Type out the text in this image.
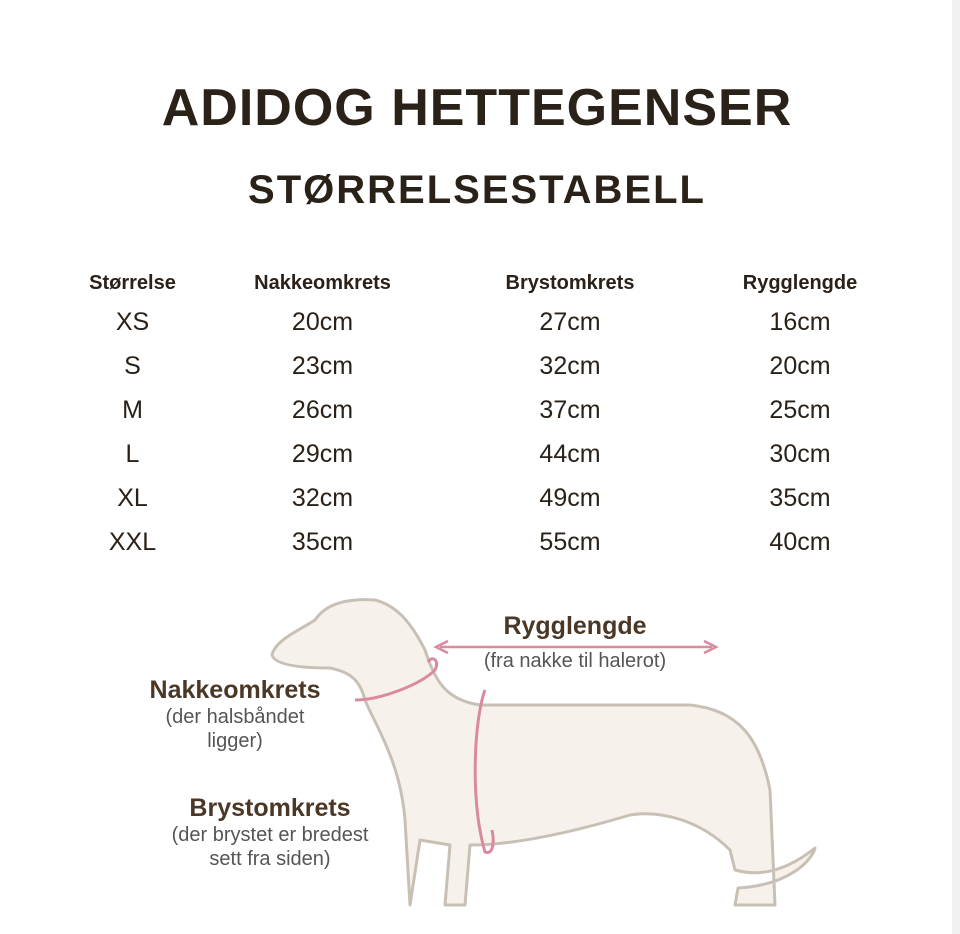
ADIDOG HETTEGENSER
STØRRELSESTABELL
Størrelse	Nakkeomkrets	Brystomkrets	Rygglengde
XS	20cm	27cm	16cm
S	23cm	32cm	20cm
M	26cm	37cm	25cm
L	29cm	44cm	30cm
XL	32cm	49cm	35cm
XXL	35cm	55cm	40cm
Rygglengde
(fra nakke til halerot)
Nakkeomkrets
(der halsbåndet
ligger)
Brystomkrets
(der brystet er bredest
sett fra siden)
